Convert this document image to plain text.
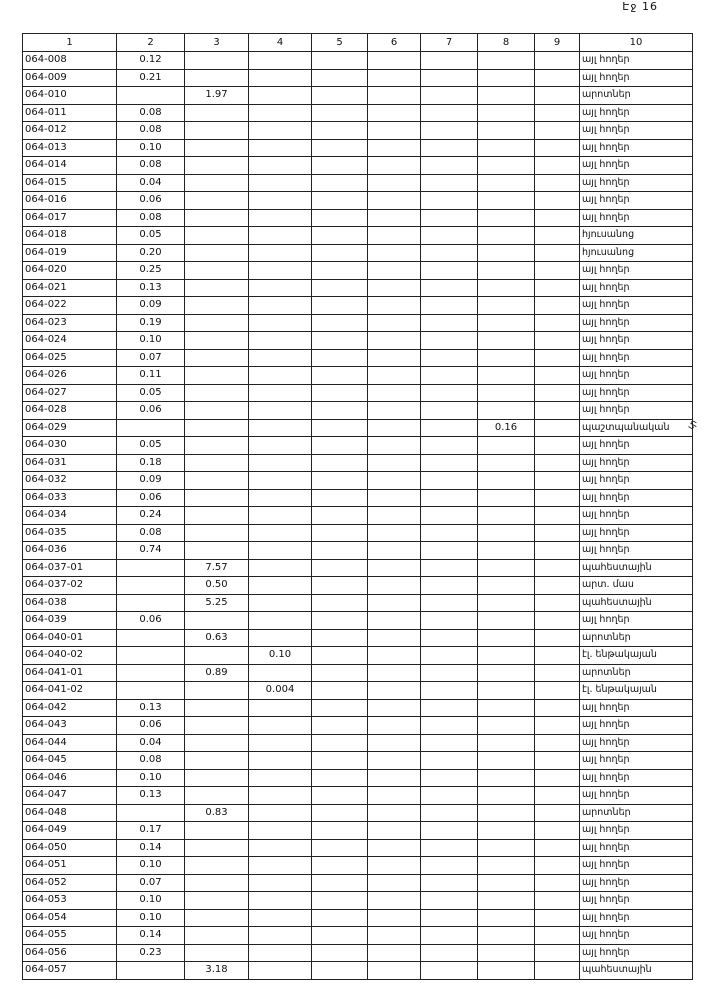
Էջ 16
1	2	3	4	5	6	7	8	9	10
064-008	0.12								այլ հողեր
064-009	0.21								այլ հողեր
064-010		1.97							արոտներ
064-011	0.08								այլ հողեր
064-012	0.08								այլ հողեր
064-013	0.10								այլ հողեր
064-014	0.08								այլ հողեր
064-015	0.04								այլ հողեր
064-016	0.06								այլ հողեր
064-017	0.08								այլ հողեր
064-018	0.05								հյուսանոց
064-019	0.20								հյուսանոց
064-020	0.25								այլ հողեր
064-021	0.13								այլ հողեր
064-022	0.09								այլ հողեր
064-023	0.19								այլ հողեր
064-024	0.10								այլ հողեր
064-025	0.07								այլ հողեր
064-026	0.11								այլ հողեր
064-027	0.05								այլ հողեր
064-028	0.06								այլ հողեր
064-029							0.16		պաշտպանական
064-030	0.05								այլ հողեր
064-031	0.18								այլ հողեր
064-032	0.09								այլ հողեր
064-033	0.06								այլ հողեր
064-034	0.24								այլ հողեր
064-035	0.08								այլ հողեր
064-036	0.74								այլ հողեր
064-037-01		7.57							պահեստային
064-037-02		0.50							արտ. մաս
064-038		5.25							պահեստային
064-039	0.06								այլ հողեր
064-040-01		0.63							արոտներ
064-040-02			0.10						էլ. ենթակայան
064-041-01		0.89							արոտներ
064-041-02			0.004						էլ. ենթակայան
064-042	0.13								այլ հողեր
064-043	0.06								այլ հողեր
064-044	0.04								այլ հողեր
064-045	0.08								այլ հողեր
064-046	0.10								այլ հողեր
064-047	0.13								այլ հողեր
064-048		0.83							արոտներ
064-049	0.17								այլ հողեր
064-050	0.14								այլ հողեր
064-051	0.10								այլ հողեր
064-052	0.07								այլ հողեր
064-053	0.10								այլ հողեր
064-054	0.10								այլ հողեր
064-055	0.14								այլ հողեր
064-056	0.23								այլ հողեր
064-057		3.18							պահեստային
ւր
